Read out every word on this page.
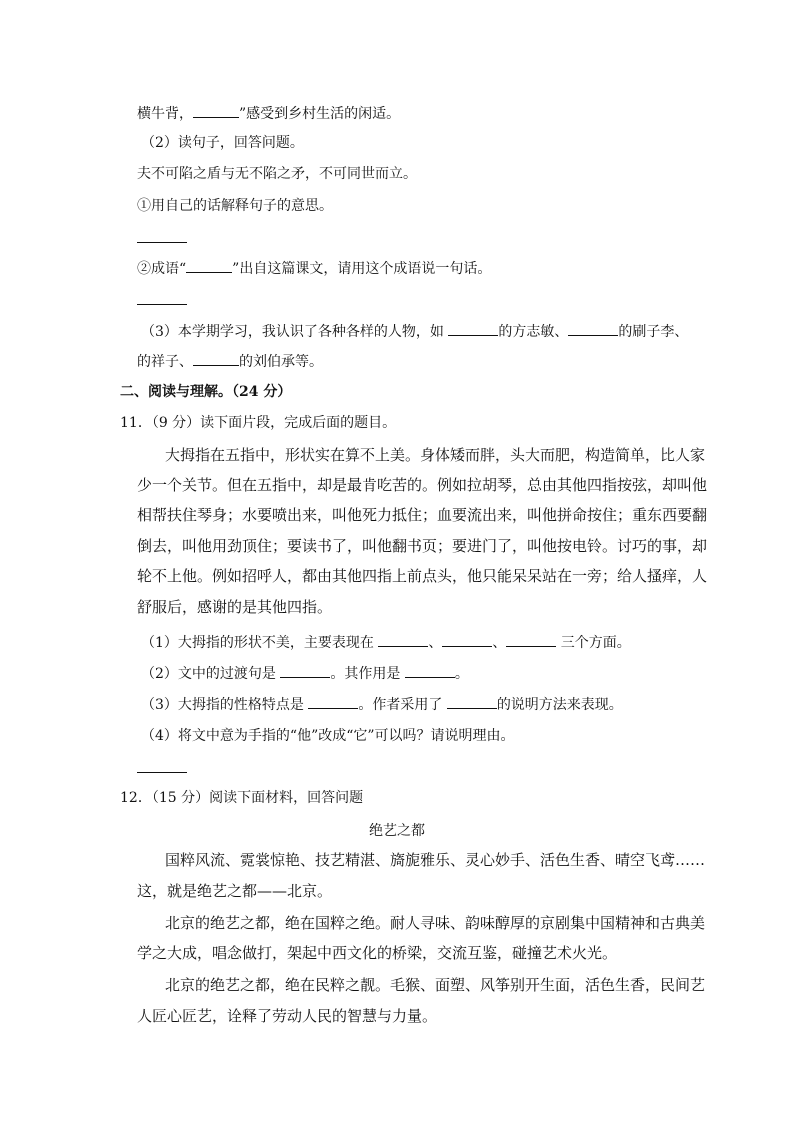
横牛背，	”感受到乡村生活的闲适。
（2）读句子，回答问题。
夫不可陷之盾与无不陷之矛，不可同世而立。
①用自己的话解释句子的意思。
②成语“	”出自这篇课文，请用这个成语说一句话。
（3）本学期学习，我认识了各种各样的人物，如	的方志敏、	的刷子李、
的祥子、	的刘伯承等。
二、阅读与理解。（24 分）
11．（9 分）读下面片段，完成后面的题目。
大拇指在五指中，形状实在算不上美。身体矮而胖，头大而肥，构造简单，比人家
少一个关节。但在五指中，却是最肯吃苦的。例如拉胡琴，总由其他四指按弦，却叫他
相帮扶住琴身；水要喷出来，叫他死力抵住；血要流出来，叫他拼命按住；重东西要翻
倒去，叫他用劲顶住；要读书了，叫他翻书页；要进门了，叫他按电铃。讨巧的事，却
轮不上他。例如招呼人，都由其他四指上前点头，他只能呆呆站在一旁；给人搔痒，人
舒服后，感谢的是其他四指。
（1）大拇指的形状不美，主要表现在	、	、	三个方面。
（2）文中的过渡句是	。其作用是	。
（3）大拇指的性格特点是	。作者采用了	的说明方法来表现。
（4）将文中意为手指的“他”改成“它”可以吗？请说明理由。
12．（15 分）阅读下面材料，回答问题
绝艺之都
国粹风流、霓裳惊艳、技艺精湛、旖旎雅乐、灵心妙手、活色生香、晴空飞鸢……
这，就是绝艺之都——北京。
北京的绝艺之都，绝在国粹之绝。耐人寻味、韵味醇厚的京剧集中国精神和古典美
学之大成，唱念做打，架起中西文化的桥梁，交流互鉴，碰撞艺术火光。
北京的绝艺之都，绝在民粹之靓。毛猴、面塑、风筝别开生面，活色生香，民间艺
人匠心匠艺，诠释了劳动人民的智慧与力量。
